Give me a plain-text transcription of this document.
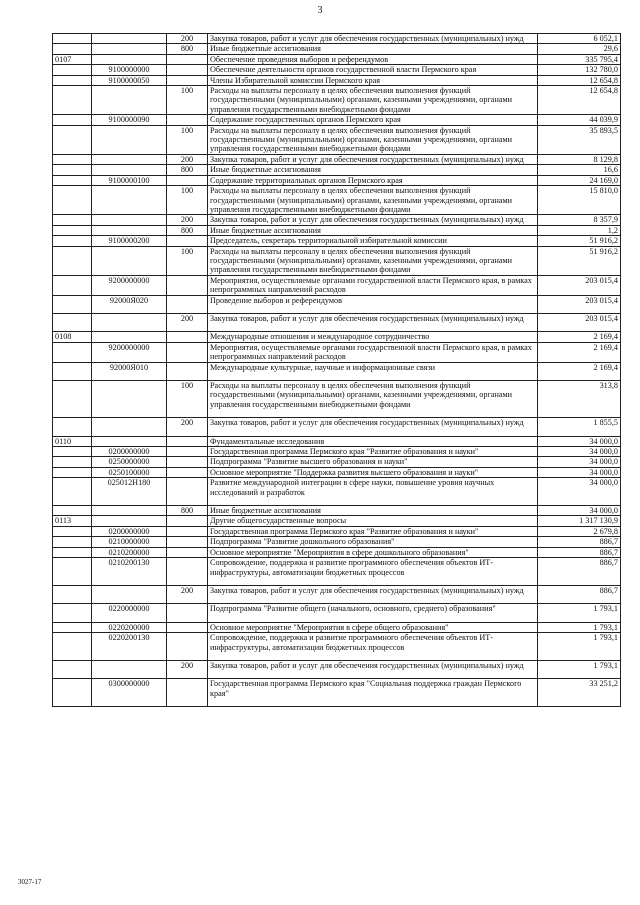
3
		200	Закупка товаров, работ и услуг для обеспечения государственных (муниципальных) нужд	6 052,1
		800	Иные бюджетные ассигнования	29,6
0107			Обеспечение проведения выборов и референдумов	335 795,4
	9100000000		Обеспечение деятельности органов государственной власти Пермского края	132 780,0
	9100000050		Члены Избирательной комиссии Пермского края	12 654,8
		100	Расходы на выплаты персоналу в целях обеспечения выполнения функций государственными (муниципальными) органами, казенными учреждениями, органами управления государственными внебюджетными фондами	12 654,8
	9100000090		Содержание государственных органов Пермского края	44 039,9
		100	Расходы на выплаты персоналу в целях обеспечения выполнения функций государственными (муниципальными) органами, казенными учреждениями, органами управления государственными внебюджетными фондами	35 893,5
		200	Закупка товаров, работ и услуг для обеспечения государственных (муниципальных) нужд	8 129,8
		800	Иные бюджетные ассигнования	16,6
	9100000100		Содержание территориальных органов Пермского края	24 169,0
		100	Расходы на выплаты персоналу в целях обеспечения выполнения функций государственными (муниципальными) органами, казенными учреждениями, органами управления государственными внебюджетными фондами	15 810,0
		200	Закупка товаров, работ и услуг для обеспечения государственных (муниципальных) нужд	8 357,9
		800	Иные бюджетные ассигнования	1,2
	9100000200		Председатель, секретарь территориальной избирательной комиссии	51 916,2
		100	Расходы на выплаты персоналу в целях обеспечения выполнения функций государственными (муниципальными) органами, казенными учреждениями, органами управления государственными внебюджетными фондами	51 916,2
	9200000000		Мероприятия, осуществляемые органами государственной власти Пермского края, в рамках непрограммных направлений расходов	203 015,4
	92000Я020		Проведение выборов и референдумов	203 015,4
		200	Закупка товаров, работ и услуг для обеспечения государственных (муниципальных) нужд	203 015,4
0108			Международные отношения и международное сотрудничество	2 169,4
	9200000000		Мероприятия, осуществляемые органами государственной власти Пермского края, в рамках непрограммных направлений расходов	2 169,4
	92000Я010		Международные культурные, научные и информационные связи	2 169,4
		100	Расходы на выплаты персоналу в целях обеспечения выполнения функций государственными (муниципальными) органами, казенными учреждениями, органами управления государственными внебюджетными фондами	313,8
		200	Закупка товаров, работ и услуг для обеспечения государственных (муниципальных) нужд	1 855,5
0110			Фундаментальные исследования	34 000,0
	0200000000		Государственная программа Пермского края "Развитие образования и науки"	34 000,0
	0250000000		Подпрограмма "Развитие высшего образования и науки"	34 000,0
	0250100000		Основное мероприятие "Поддержка развития высшего образования и науки"	34 000,0
	025012Н180		Развитие международной интеграции в сфере науки, повышение уровня научных исследований и разработок	34 000,0
		800	Иные бюджетные ассигнования	34 000,0
0113			Другие общегосударственные вопросы	1 317 130,9
	0200000000		Государственная программа Пермского края "Развитие образования и науки"	2 679,8
	0210000000		Подпрограмма "Развитие дошкольного образования"	886,7
	0210200000		Основное мероприятие "Мероприятия в сфере дошкольного образования"	886,7
	0210200130		Сопровождение, поддержка и развитие программного обеспечения объектов ИТ-инфраструктуры, автоматизации бюджетных процессов	886,7
		200	Закупка товаров, работ и услуг для обеспечения государственных (муниципальных) нужд	886,7
	0220000000		Подпрограмма "Развитие общего (начального, основного, среднего) образования"	1 793,1
	0220200000		Основное мероприятие "Мероприятия в сфере общего образования"	1 793,1
	0220200130		Сопровождение, поддержка и развитие программного обеспечения объектов ИТ-инфраструктуры, автоматизации бюджетных процессов	1 793,1
		200	Закупка товаров, работ и услуг для обеспечения государственных (муниципальных) нужд	1 793,1
	0300000000		Государственная программа Пермского края "Социальная поддержка граждан Пермского края"	33 251,2
3027-17
